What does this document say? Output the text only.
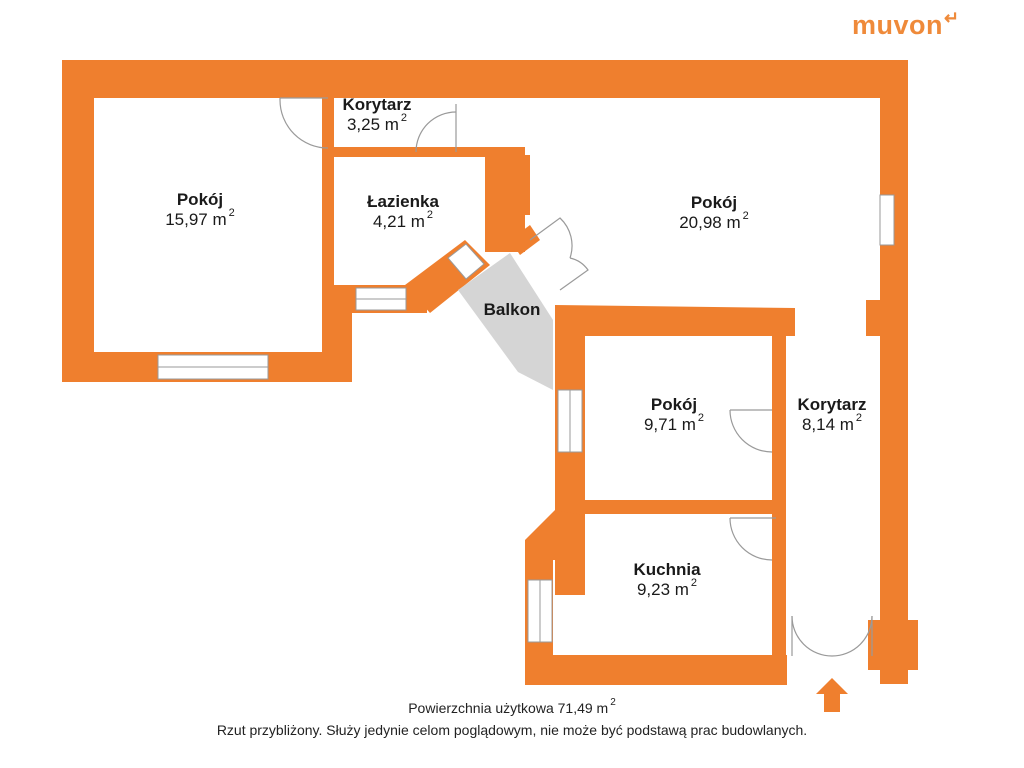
muvon↵
Pokój
15,97 m $^2$
Korytarz
3,25 m $^2$
Łazienka
4,21 m $^2$
Pokój
20,98 m $^2$
Balkon
Pokój
9,71 m $^2$
Korytarz
8,14 m $^2$
Kuchnia
9,23 m $^2$
Powierzchnia użytkowa 71,49 m $^2$
Rzut przybliżony. Służy jedynie celom poglądowym, nie może być podstawą prac budowlanych.
